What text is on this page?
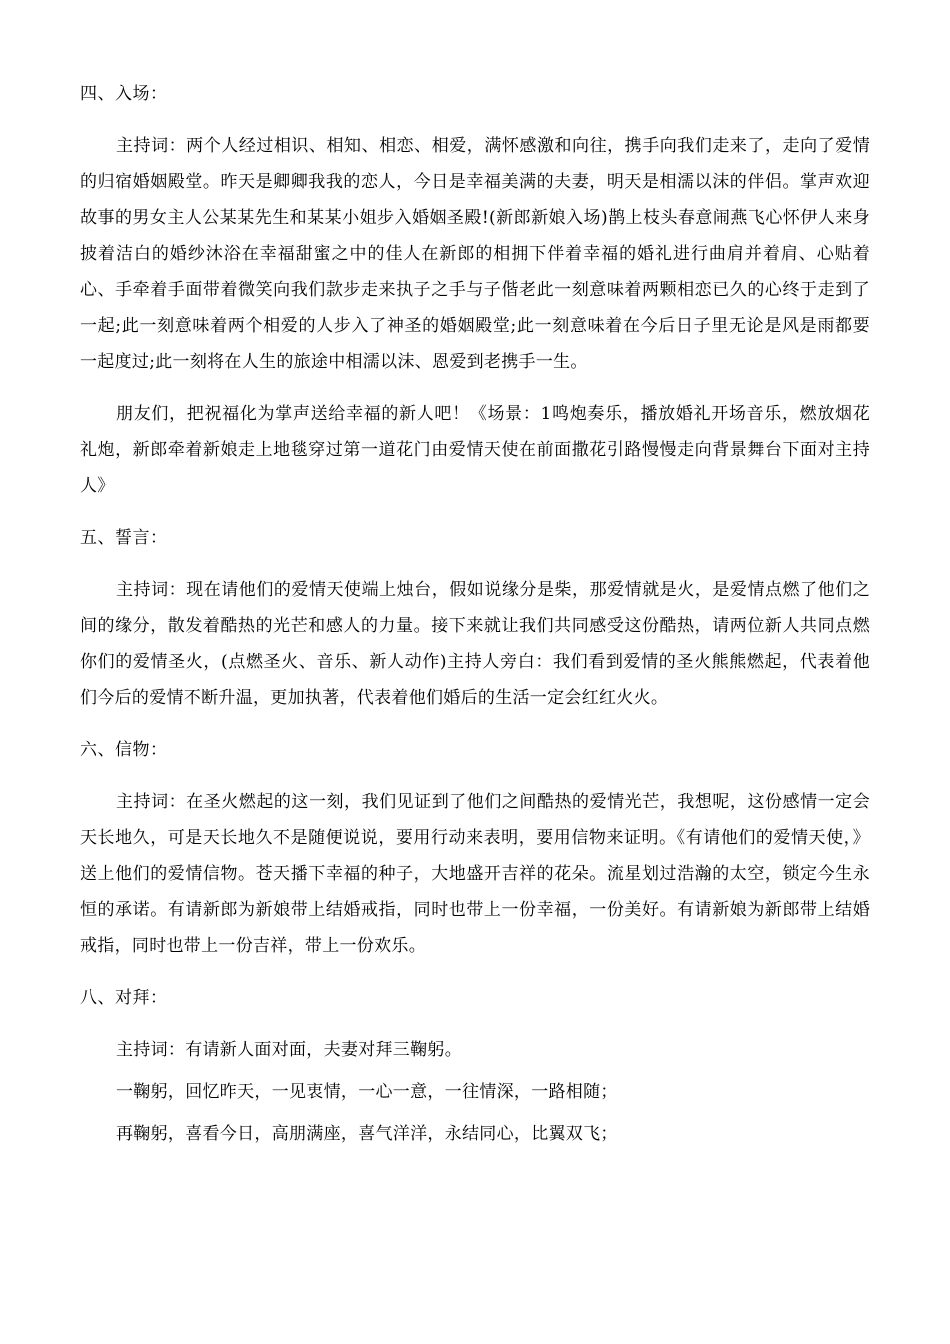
四、入场：
主持词：两个人经过相识、相知、相恋、相爱，满怀感激和向往，携手向我们走来了，走向了爱情的归宿婚姻殿堂。昨天是卿卿我我的恋人，今日是幸福美满的夫妻，明天是相濡以沫的伴侣。掌声欢迎故事的男女主人公某某先生和某某小姐步入婚姻圣殿!(新郎新娘入场)鹊上枝头春意闹燕飞心怀伊人来身披着洁白的婚纱沐浴在幸福甜蜜之中的佳人在新郎的相拥下伴着幸福的婚礼进行曲肩并着肩、心贴着心、手牵着手面带着微笑向我们款步走来执子之手与子偕老此一刻意味着两颗相恋已久的心终于走到了一起;此一刻意味着两个相爱的人步入了神圣的婚姻殿堂;此一刻意味着在今后日子里无论是风是雨都要一起度过;此一刻将在人生的旅途中相濡以沫、恩爱到老携手一生。
朋友们，把祝福化为掌声送给幸福的新人吧！《场景：1鸣炮奏乐，播放婚礼开场音乐，燃放烟花礼炮，新郎牵着新娘走上地毯穿过第一道花门由爱情天使在前面撒花引路慢慢走向背景舞台下面对主持人》
五、誓言：
主持词：现在请他们的爱情天使端上烛台，假如说缘分是柴，那爱情就是火，是爱情点燃了他们之间的缘分，散发着酷热的光芒和感人的力量。接下来就让我们共同感受这份酷热，请两位新人共同点燃你们的爱情圣火，(点燃圣火、音乐、新人动作)主持人旁白：我们看到爱情的圣火熊熊燃起，代表着他们今后的爱情不断升温，更加执著，代表着他们婚后的生活一定会红红火火。
六、信物：
主持词：在圣火燃起的这一刻，我们见证到了他们之间酷热的爱情光芒，我想呢，这份感情一定会天长地久，可是天长地久不是随便说说，要用行动来表明，要用信物来证明。《有请他们的爱情天使，》送上他们的爱情信物。苍天播下幸福的种子，大地盛开吉祥的花朵。流星划过浩瀚的太空，锁定今生永恒的承诺。有请新郎为新娘带上结婚戒指，同时也带上一份幸福，一份美好。有请新娘为新郎带上结婚戒指，同时也带上一份吉祥，带上一份欢乐。
八、对拜：
主持词：有请新人面对面，夫妻对拜三鞠躬。
一鞠躬，回忆昨天，一见衷情，一心一意，一往情深，一路相随；
再鞠躬，喜看今日，高朋满座，喜气洋洋，永结同心，比翼双飞；
